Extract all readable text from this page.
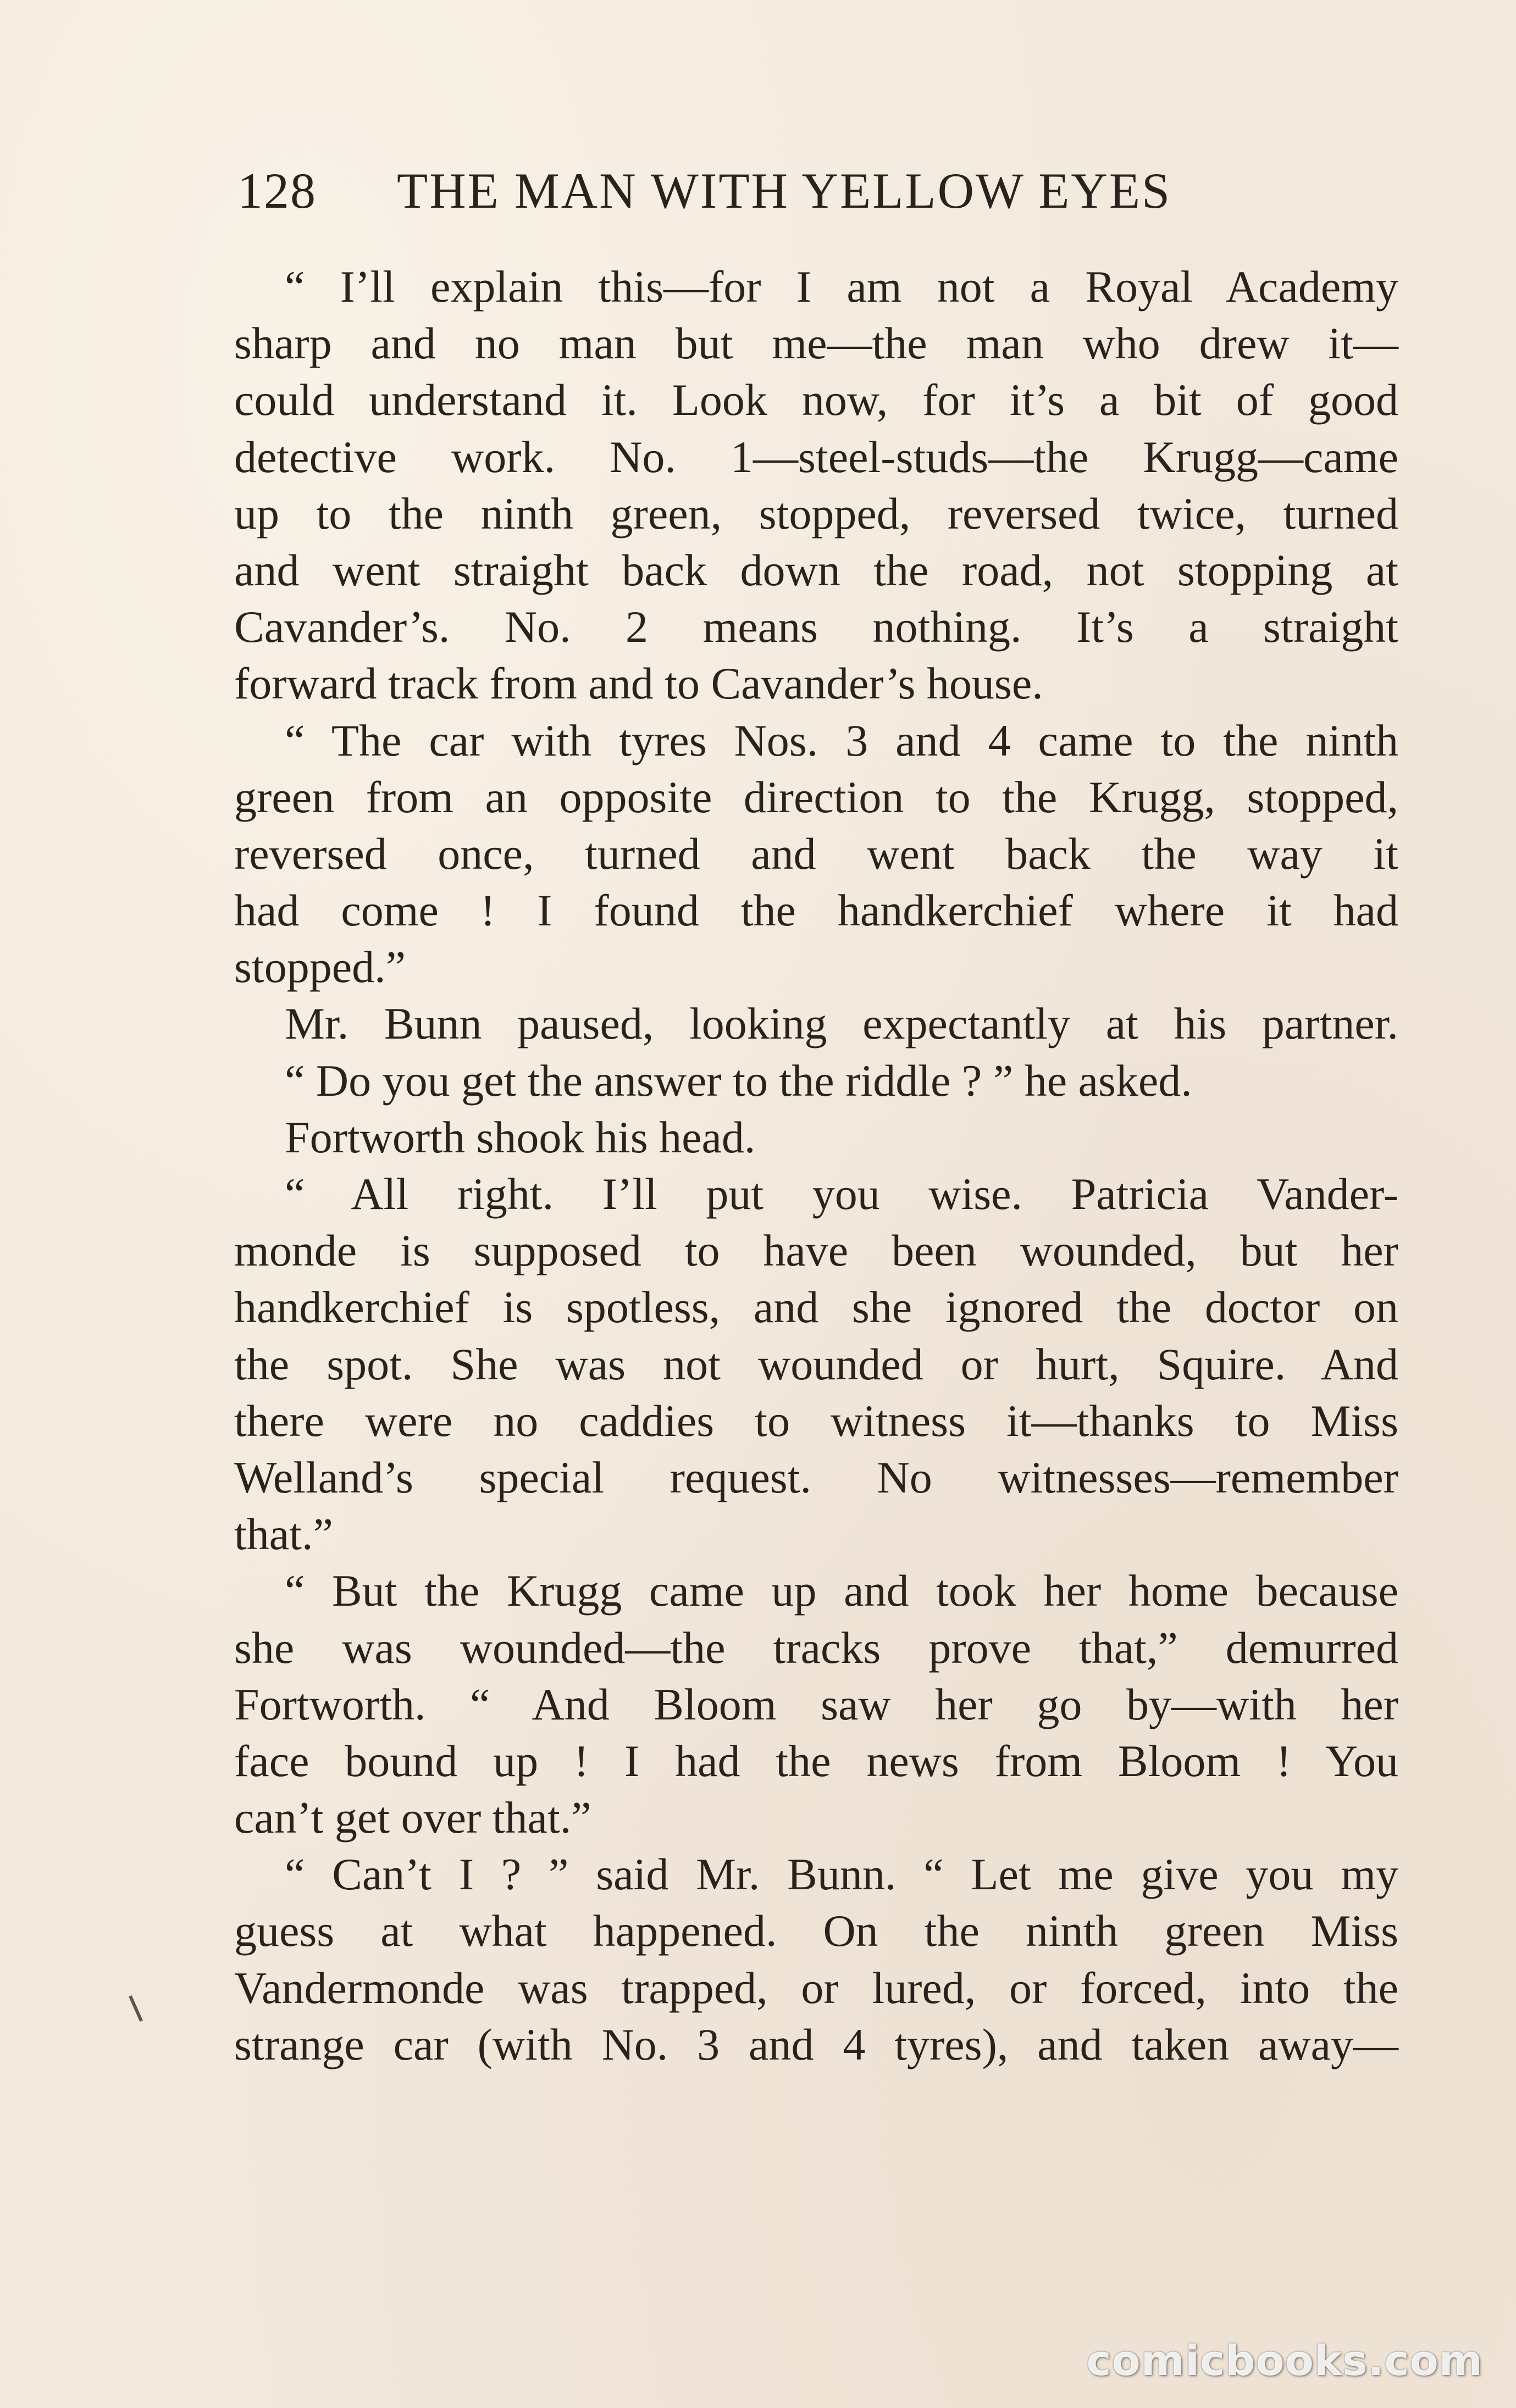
128 THE MAN WITH YELLOW EYES
“ I’ll explain this—for I am not a Royal Academy
sharp and no man but me—the man who drew it—
could understand it. Look now, for it’s a bit of good
detective work. No. 1—steel-studs—the Krugg—came
up to the ninth green, stopped, reversed twice, turned
and went straight back down the road, not stopping at
Cavander’s. No. 2 means nothing. It’s a straight
forward track from and to Cavander’s house.
“ The car with tyres Nos. 3 and 4 came to the ninth
green from an opposite direction to the Krugg, stopped,
reversed once, turned and went back the way it
had come ! I found the handkerchief where it had
stopped.”
Mr. Bunn paused, looking expectantly at his partner.
“ Do you get the answer to the riddle ? ” he asked.
Fortworth shook his head.
“ All right. I’ll put you wise. Patricia Vander-
monde is supposed to have been wounded, but her
handkerchief is spotless, and she ignored the doctor on
the spot. She was not wounded or hurt, Squire. And
there were no caddies to witness it—thanks to Miss
Welland’s special request. No witnesses—remember
that.”
“ But the Krugg came up and took her home because
she was wounded—the tracks prove that,” demurred
Fortworth. “ And Bloom saw her go by—with her
face bound up ! I had the news from Bloom ! You
can’t get over that.”
“ Can’t I ? ” said Mr. Bunn. “ Let me give you my
guess at what happened. On the ninth green Miss
Vandermonde was trapped, or lured, or forced, into the
strange car (with No. 3 and 4 tyres), and taken away—
comicbooks.com
